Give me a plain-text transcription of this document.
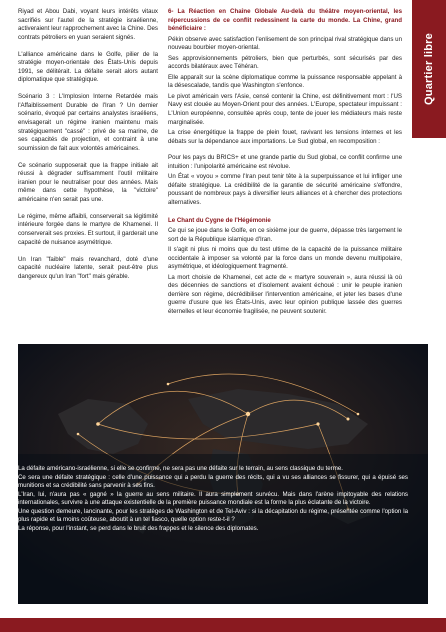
Quartier libre

Riyad et Abou Dabi, voyant leurs intérêts vitaux sacrifiés sur l'autel de la stratégie israélienne, activeraient leur rapprochement avec la Chine. Des contrats pétroliers en yuan seraient signés.

L'alliance américaine dans le Golfe, pilier de la stratégie moyen-orientale des États-Unis depuis 1991, se délitérait. La défaite serait alors autant diplomatique que stratégique.

Scénario 3 : L'Implosion Interne Retardée mais l'Affaiblissement Durable de l'Iran ? Un dernier scénario, évoqué par certains analystes israéliens, envisagerait un régime iranien maintenu mais stratégiquement "cassé" : privé de sa marine, de ses capacités de projection, et contraint à une soumission de fait aux volontés américaines.

Ce scénario supposerait que la frappe initiale ait réussi à dégrader suffisamment l'outil militaire iranien pour le neutraliser pour des années. Mais même dans cette hypothèse, la "victoire" américaine n'en serait pas une.

Le régime, même affaibli, conserverait sa légitimité intérieure forgée dans le martyre de Khamenei. Il conserverait ses proxies. Et surtout, il garderait une capacité de nuisance asymétrique.

Un Iran "faible" mais revanchard, doté d'une capacité nucléaire latente, serait peut-être plus dangereux qu'un Iran "fort" mais gérable.

6- La Réaction en Chaîne Globale Au-delà du théâtre moyen-oriental, les répercussions de ce conflit redessinent la carte du monde. La Chine, grand bénéficiaire :

Pékin observe avec satisfaction l'enlisement de son principal rival stratégique dans un nouveau bourbier moyen-oriental.

Ses approvisionnements pétroliers, bien que perturbés, sont sécurisés par des accords bilatéraux avec Téhéran.

Elle apparaît sur la scène diplomatique comme la puissance responsable appelant à la désescalade, tandis que Washington s'enfonce.

Le pivot américain vers l'Asie, censé contenir la Chine, est définitivement mort : l'US Navy est clouée au Moyen-Orient pour des années. L'Europe, spectateur impuissant : L'Union européenne, consultée après coup, tente de jouer les médiateurs mais reste marginalisée.

La crise énergétique la frappe de plein fouet, ravivant les tensions internes et les débats sur la dépendance aux importations. Le Sud global, en recomposition :

Pour les pays du BRICS+ et une grande partie du Sud global, ce conflit confirme une intuition : l'unipolarité américaine est révolue.

Un État « voyou » comme l'Iran peut tenir tête à la superpuissance et lui infliger une défaite stratégique. La crédibilité de la garantie de sécurité américaine s'effondre, poussant de nombreux pays à diversifier leurs alliances et à chercher des protections alternatives.

Le Chant du Cygne de l'Hégémonie

Ce qui se joue dans le Golfe, en ce sixième jour de guerre, dépasse très largement le sort de la République islamique d'Iran.

Il s'agit ni plus ni moins que du test ultime de la capacité de la puissance militaire occidentale à imposer sa volonté par la force dans un monde devenu multipolaire, asymétrique, et idéologiquement fragmenté.

La mort choisie de Khamenei, cet acte de « martyre souverain », aura réussi là où des décennies de sanctions et d'isolement avaient échoué : unir le peuple iranien derrière son régime, décrédibiliser l'intervention américaine, et jeter les bases d'une guerre d'usure que les États-Unis, avec leur opinion publique lassée des guerres éternelles et leur économie fragilisée, ne peuvent soutenir.

La défaite américano-israélienne, si elle se confirme, ne sera pas une défaite sur le terrain, au sens classique du terme.

Ce sera une défaite stratégique : celle d'une puissance qui a perdu la guerre des récits, qui a vu ses alliances se fissurer, qui a épuisé ses munitions et sa crédibilité sans parvenir à ses fins.

L'Iran, lui, n'aura pas « gagné » la guerre au sens militaire. Il aura simplement survécu. Mais dans l'arène impitoyable des relations internationales, survivre à une attaque existentielle de la première puissance mondiale est la forme la plus éclatante de la victoire.

Une question demeure, lancinante, pour les stratèges de Washington et de Tel-Aviv : si la décapitation du régime, présentée comme l'option la plus rapide et la moins coûteuse, aboutit à un tel fiasco, quelle option reste-t-il ?

La réponse, pour l'instant, se perd dans le bruit des frappes et le silence des diplomates.
